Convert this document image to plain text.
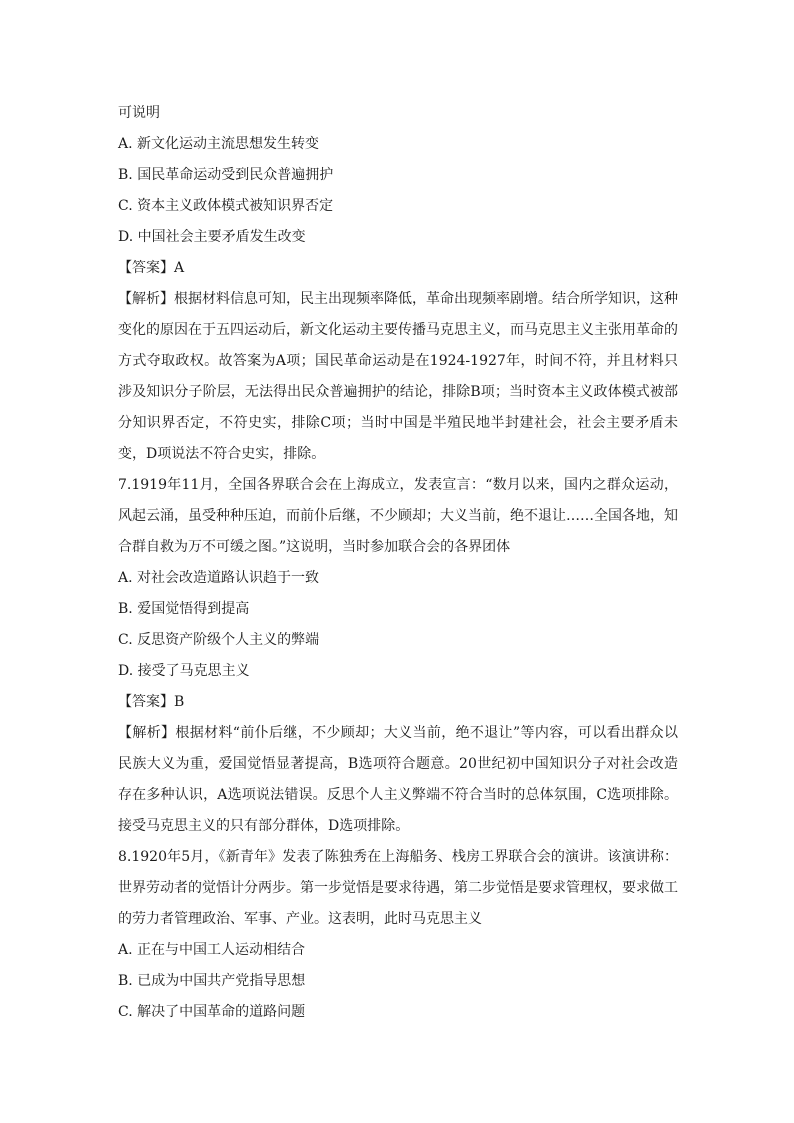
可说明

A. 新文化运动主流思想发生转变

B. 国民革命运动受到民众普遍拥护

C. 资本主义政体模式被知识界否定

D. 中国社会主要矛盾发生改变

【答案】A

【解析】根据材料信息可知，民主出现频率降低，革命出现频率剧增。结合所学知识，这种变化的原因在于五四运动后，新文化运动主要传播马克思主义，而马克思主义主张用革命的方式夺取政权。故答案为A项；国民革命运动是在1924-1927年，时间不符，并且材料只涉及知识分子阶层，无法得出民众普遍拥护的结论，排除B项；当时资本主义政体模式被部分知识界否定，不符史实，排除C项；当时中国是半殖民地半封建社会，社会主要矛盾未变，D项说法不符合史实，排除。

7.1919年11月，全国各界联合会在上海成立，发表宣言：“数月以来，国内之群众运动，风起云涌，虽受种种压迫，而前仆后继，不少顾却；大义当前，绝不退让……全国各地，知合群自救为万不可缓之图。”这说明，当时参加联合会的各界团体

A. 对社会改造道路认识趋于一致

B. 爱国觉悟得到提高

C. 反思资产阶级个人主义的弊端

D. 接受了马克思主义

【答案】B

【解析】根据材料“前仆后继，不少顾却；大义当前，绝不退让”等内容，可以看出群众以民族大义为重，爱国觉悟显著提高，B选项符合题意。20世纪初中国知识分子对社会改造存在多种认识，A选项说法错误。反思个人主义弊端不符合当时的总体氛围，C选项排除。接受马克思主义的只有部分群体，D选项排除。

8.1920年5月，《新青年》发表了陈独秀在上海船务、栈房工界联合会的演讲。该演讲称：世界劳动者的觉悟计分两步。第一步觉悟是要求待遇，第二步觉悟是要求管理权，要求做工的劳力者管理政治、军事、产业。这表明，此时马克思主义

A. 正在与中国工人运动相结合

B. 已成为中国共产党指导思想

C. 解决了中国革命的道路问题
